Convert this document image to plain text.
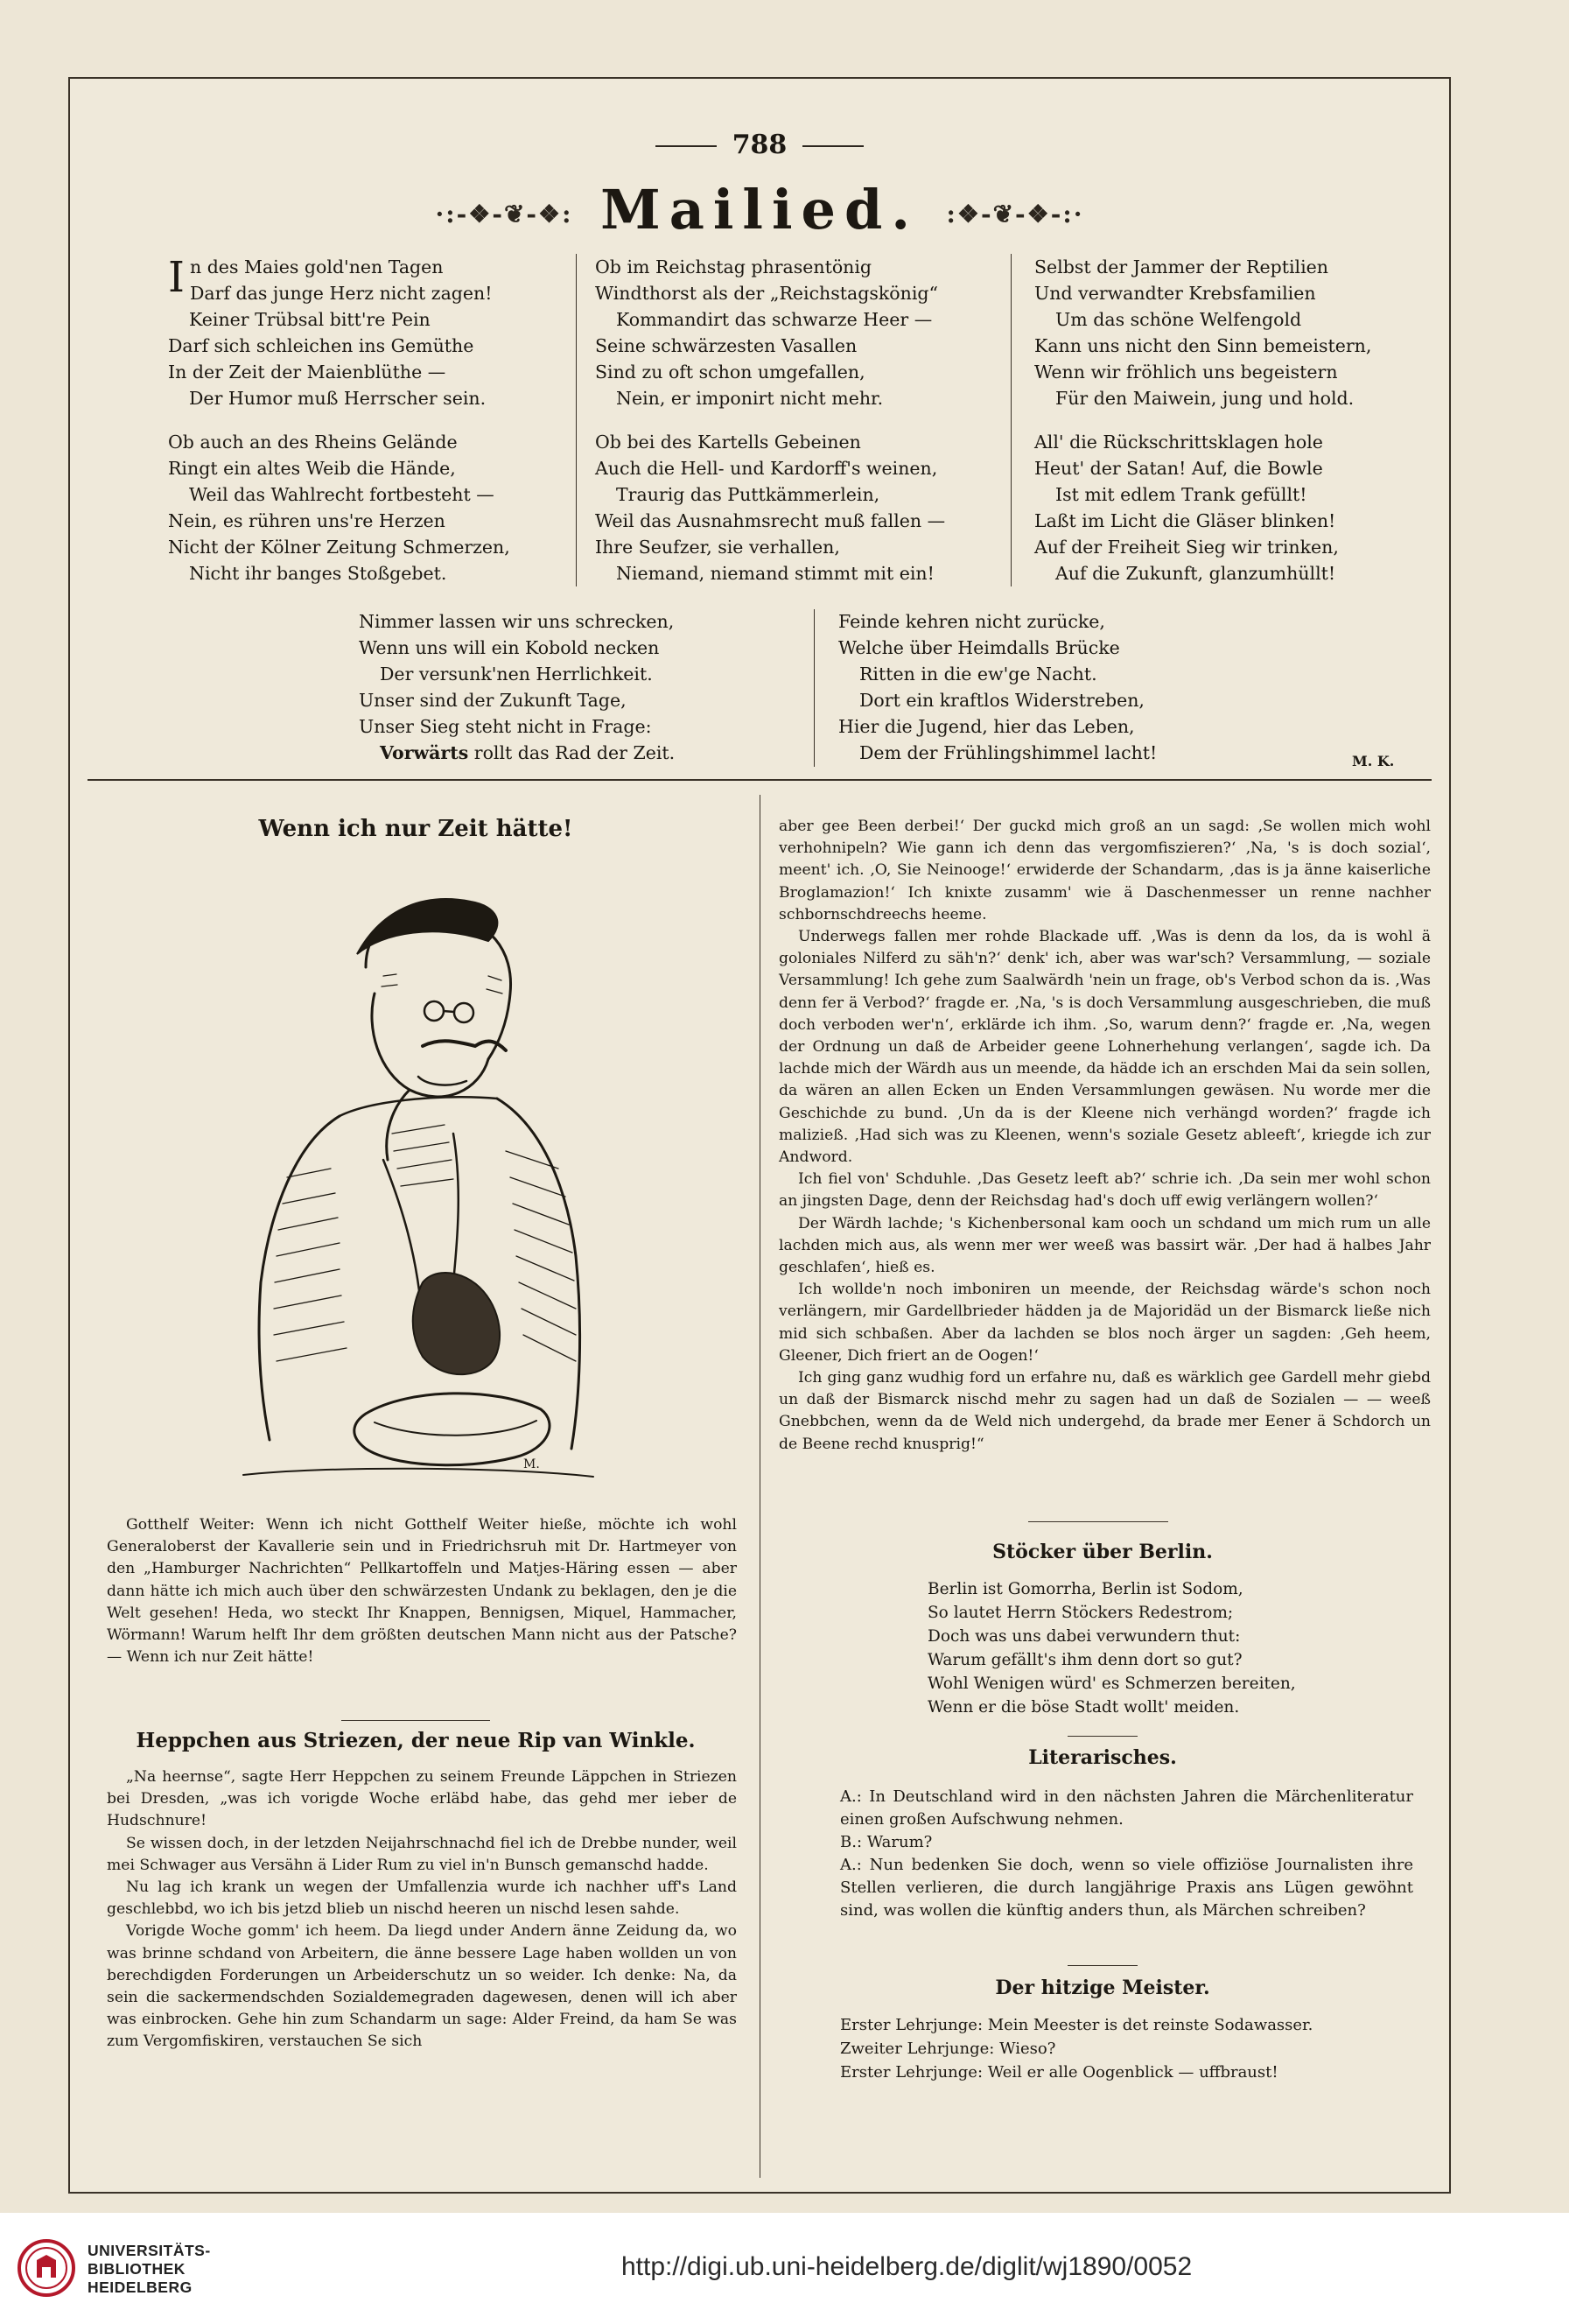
788
·:-❖-❦-❖: Mailied. :❖-❦-❖-:·
In des Maies gold'nen Tagen
Darf das junge Herz nicht zagen!
Keiner Trübsal bitt're Pein
Darf sich schleichen ins Gemüthe
In der Zeit der Maienblüthe —
Der Humor muß Herrscher sein.
Ob auch an des Rheins Gelände
Ringt ein altes Weib die Hände,
Weil das Wahlrecht fortbesteht —
Nein, es rühren uns're Herzen
Nicht der Kölner Zeitung Schmerzen,
Nicht ihr banges Stoßgebet.
Ob im Reichstag phrasentönig
Windthorst als der „Reichstagskönig“
Kommandirt das schwarze Heer —
Seine schwärzesten Vasallen
Sind zu oft schon umgefallen,
Nein, er imponirt nicht mehr.
Ob bei des Kartells Gebeinen
Auch die Hell- und Kardorff's weinen,
Traurig das Puttkämmerlein,
Weil das Ausnahmsrecht muß fallen —
Ihre Seufzer, sie verhallen,
Niemand, niemand stimmt mit ein!
Selbst der Jammer der Reptilien
Und verwandter Krebsfamilien
Um das schöne Welfengold
Kann uns nicht den Sinn bemeistern,
Wenn wir fröhlich uns begeistern
Für den Maiwein, jung und hold.
All' die Rückschrittsklagen hole
Heut' der Satan! Auf, die Bowle
Ist mit edlem Trank gefüllt!
Laßt im Licht die Gläser blinken!
Auf der Freiheit Sieg wir trinken,
Auf die Zukunft, glanzumhüllt!
Nimmer lassen wir uns schrecken,
Wenn uns will ein Kobold necken
Der versunk'nen Herrlichkeit.
Unser sind der Zukunft Tage,
Unser Sieg steht nicht in Frage:
Vorwärts rollt das Rad der Zeit.
Feinde kehren nicht zurücke,
Welche über Heimdalls Brücke
Ritten in die ew'ge Nacht.
Dort ein kraftlos Widerstreben,
Hier die Jugend, hier das Leben,
Dem der Frühlingshimmel lacht!	M. K.
Wenn ich nur Zeit hätte!
M.

Gotthelf Weiter: Wenn ich nicht Gotthelf Weiter hieße, möchte ich wohl Generaloberst der Kavallerie sein und in Friedrichsruh mit Dr. Hartmeyer von den „Hamburger Nachrichten“ Pellkartoffeln und Matjes-Häring essen — aber dann hätte ich mich auch über den schwärzesten Undank zu beklagen, den je die Welt gesehen! Heda, wo steckt Ihr Knappen, Bennigsen, Miquel, Hammacher, Wörmann! Warum helft Ihr dem größten deutschen Mann nicht aus der Patsche? — Wenn ich nur Zeit hätte!

Heppchen aus Striezen, der neue Rip van Winkle.

„Na heernse“, sagte Herr Heppchen zu seinem Freunde Läppchen in Striezen bei Dresden, „was ich vorigde Woche erläbd habe, das gehd mer ieber de Hudschnure!

Se wissen doch, in der letzden Neijahrschnachd fiel ich de Drebbe nunder, weil mei Schwager aus Versähn ä Lider Rum zu viel in'n Bunsch gemanschd hadde.

Nu lag ich krank un wegen der Umfallenzia wurde ich nachher uff's Land geschlebbd, wo ich bis jetzd blieb un nischd heeren un nischd lesen sahde.

Vorigde Woche gomm' ich heem. Da liegd under Andern änne Zeidung da, wo was brinne schdand von Arbeitern, die änne bessere Lage haben wollden un von berechdigden Forderungen un Arbeiderschutz un so weider. Ich denke: Na, da sein die sackermendschden Sozialdemegraden dagewesen, denen will ich aber was einbrocken. Gehe hin zum Schandarm un sage: Alder Freind, da ham Se was zum Vergomfiskiren, verstauchen Se sich

aber gee Been derbei!‘ Der guckd mich groß an un sagd: ‚Se wollen mich wohl verhohnipeln? Wie gann ich denn das vergomfiszieren?‘ ‚Na, 's is doch sozial‘, meent' ich. ‚O, Sie Neinooge!‘ erwiderde der Schandarm, ‚das is ja änne kaiserliche Broglamazion!‘ Ich knixte zusamm' wie ä Daschenmesser un renne nachher schbornschdreechs heeme.

Underwegs fallen mer rohde Blackade uff. ‚Was is denn da los, da is wohl ä goloniales Nilferd zu säh'n?‘ denk' ich, aber was war'sch? Versammlung, — soziale Versammlung! Ich gehe zum Saalwärdh 'nein un frage, ob's Verbod schon da is. ‚Was denn fer ä Verbod?‘ fragde er. ‚Na, 's is doch Versammlung ausgeschrieben, die muß doch verboden wer'n‘, erklärde ich ihm. ‚So, warum denn?‘ fragde er. ‚Na, wegen der Ordnung un daß de Arbeider geene Lohnerhehung verlangen‘, sagde ich. Da lachde mich der Wärdh aus un meende, da hädde ich an erschden Mai da sein sollen, da wären an allen Ecken un Enden Versammlungen gewäsen. Nu worde mer die Geschichde zu bund. ‚Un da is der Kleene nich verhängd worden?‘ fragde ich malizieß. ‚Had sich was zu Kleenen, wenn's soziale Gesetz ableeft‘, kriegde ich zur Andword.

Ich fiel von' Schduhle. ‚Das Gesetz leeft ab?‘ schrie ich. ‚Da sein mer wohl schon an jingsten Dage, denn der Reichsdag had's doch uff ewig verlängern wollen?‘

Der Wärdh lachde; 's Kichenbersonal kam ooch un schdand um mich rum un alle lachden mich aus, als wenn mer wer weeß was bassirt wär. ‚Der had ä halbes Jahr geschlafen‘, hieß es.

Ich wollde'n noch imboniren un meende, der Reichsdag wärde's schon noch verlängern, mir Gardellbrieder hädden ja de Majoridäd un der Bismarck ließe nich mid sich schbaßen. Aber da lachden se blos noch ärger un sagden: ‚Geh heem, Gleener, Dich friert an de Oogen!‘

Ich ging ganz wudhig ford un erfahre nu, daß es wärklich gee Gardell mehr giebd un daß der Bismarck nischd mehr zu sagen had un daß de Sozialen — — weeß Gnebbchen, wenn da de Weld nich undergehd, da brade mer Eener ä Schdorch un de Beene rechd knusprig!“

Stöcker über Berlin.
Berlin ist Gomorrha, Berlin ist Sodom,
So lautet Herrn Stöckers Redestrom;
Doch was uns dabei verwundern thut:
Warum gefällt's ihm denn dort so gut?
Wohl Wenigen würd' es Schmerzen bereiten,
Wenn er die böse Stadt wollt' meiden.
Literarisches.

A.: In Deutschland wird in den nächsten Jahren die Märchenliteratur einen großen Aufschwung nehmen.

B.: Warum?

A.: Nun bedenken Sie doch, wenn so viele offiziöse Journalisten ihre Stellen verlieren, die durch langjährige Praxis ans Lügen gewöhnt sind, was wollen die künftig anders thun, als Märchen schreiben?

Der hitzige Meister.

Erster Lehrjunge: Mein Meester is det reinste Sodawasser.

Zweiter Lehrjunge: Wieso?

Erster Lehrjunge: Weil er alle Oogenblick — uffbraust!

UNIVERSITÄTS-
BIBLIOTHEK
HEIDELBERG
http://digi.ub.uni-heidelberg.de/diglit/wj1890/0052
